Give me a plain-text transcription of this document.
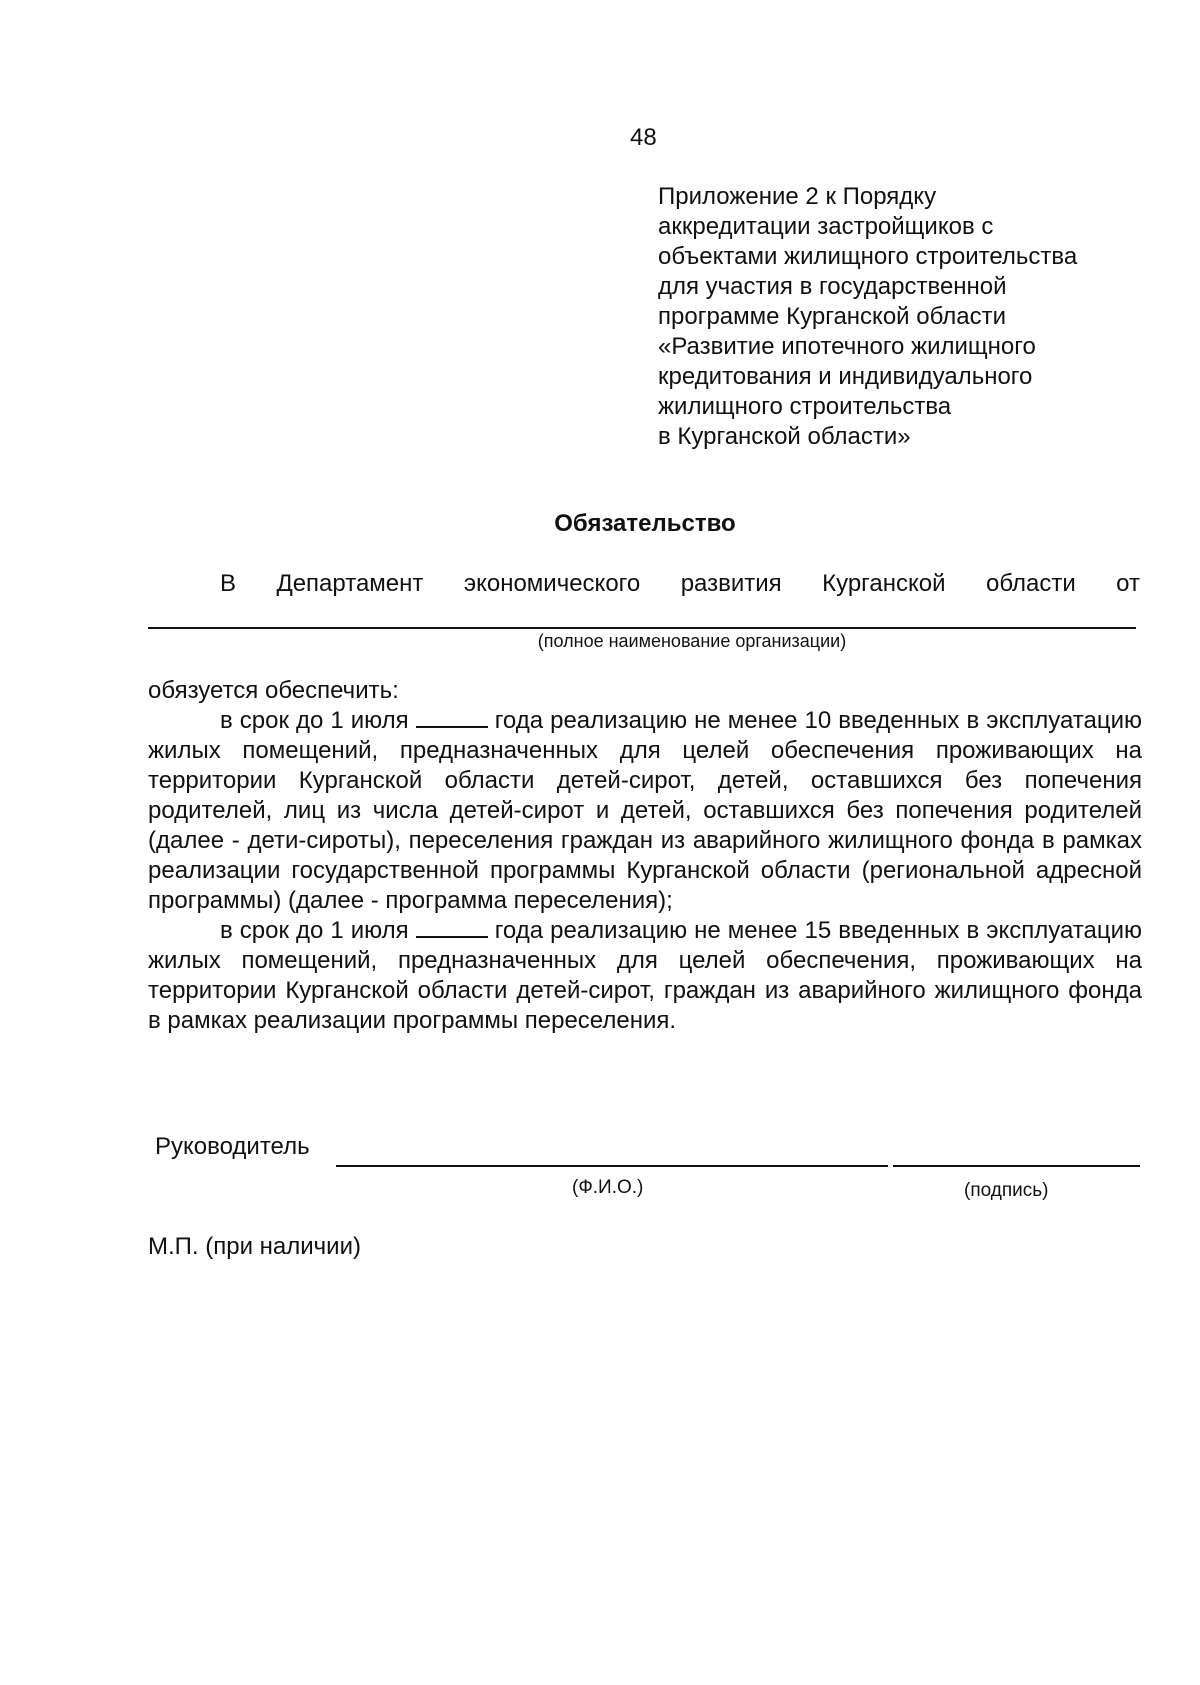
48
Приложение 2 к Порядку
аккредитации застройщиков с
объектами жилищного строительства
для участия в государственной
программе Курганской области
«Развитие ипотечного жилищного
кредитования и индивидуального
жилищного строительства
в Курганской области»
Обязательство
В Департамент экономического развития Курганской области от
(полное наименование организации)

обязуется обеспечить:

в срок до 1 июля	года реализацию не менее 10 введенных в эксплуатацию жилых помещений, предназначенных для целей обеспечения проживающих на территории Курганской области детей-сирот, детей, оставшихся без попечения родителей, лиц из числа детей-сирот и детей, оставшихся без попечения родителей (далее - дети-сироты), переселения граждан из аварийного жилищного фонда в рамках реализации государственной программы Курганской области (региональной адресной программы) (далее - программа переселения);

в срок до 1 июля	года реализацию не менее 15 введенных в эксплуатацию жилых помещений, предназначенных для целей обеспечения, проживающих на территории Курганской области детей-сирот, граждан из аварийного жилищного фонда в рамках реализации программы переселения.

Руководитель
(Ф.И.О.)	(подпись)
М.П. (при наличии)
